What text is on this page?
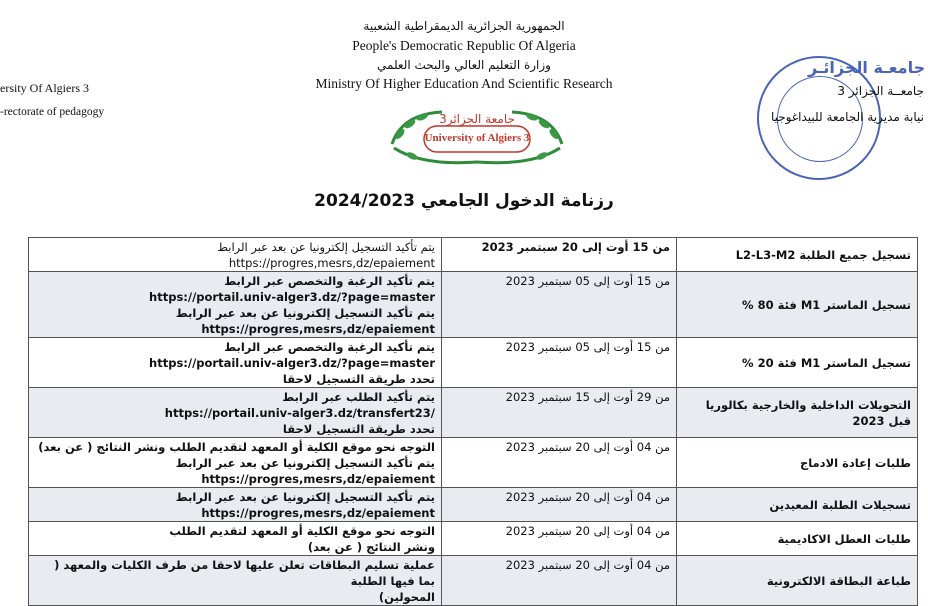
الجمهورية الجزائرية الديمقراطية الشعبية
People's Democratic Republic Of Algeria
وزارة التعليم العالي والبحث العلمي
Ministry Of Higher Education And Scientific Research
ersity Of Algiers 3
-rectorate of pedagogy
جامعـة الجزائـر
جامعــة الجزائر 3
نيابة مديرية الجامعة للبيداغوجيا
جامعة الجزائر3
University of Algiers 3
رزنامة الدخول الجامعي 2024/2023
تسجيل جميع الطلبة L2-L3-M2	من 15 أوت إلى 20 سبتمبر 2023	يتم تأكيد التسجيل إلكترونيا عن بعد عبر الرابط
https://progres,mesrs,dz/epaiement

تسجيل الماستر M1 فئة 80 %	من 15 أوت إلى 05 سبتمبر 2023	يتم تأكيد الرغبة والتخصص عبر الرابط
https://portail.univ-alger3.dz/?page=master
يتم تأكيد التسجيل إلكترونيا عن بعد عبر الرابط
https://progres,mesrs,dz/epaiement

تسجيل الماستر M1 فئة 20 %	من 15 أوت إلى 05 سبتمبر 2023	يتم تأكيد الرغبة والتخصص عبر الرابط
https://portail.univ-alger3.dz/?page=master
تحدد طريقة التسجيل لاحقا

التحويلات الداخلية والخارجية بكالوريا قبل 2023	من 29 أوت إلى 15 سبتمبر 2023	يتم تأكيد الطلب عبر الرابط
https://portail.univ-alger3.dz/transfert23/
تحدد طريقة التسجيل لاحقا

طلبات إعادة الادماج	من 04 أوت إلى 20 سبتمبر 2023	التوجه نحو موقع الكلية أو المعهد لتقديم الطلب ونشر النتائج ( عن بعد)
يتم تأكيد التسجيل إلكترونيا عن بعد عبر الرابط
https://progres,mesrs,dz/epaiement

تسجيلات الطلبة المعيدين	من 04 أوت إلى 20 سبتمبر 2023	يتم تأكيد التسجيل إلكترونيا عن بعد عبر الرابط
https://progres,mesrs,dz/epaiement

طلبات العطل الاكاديمية	من 04 أوت إلى 20 سبتمبر 2023	التوجه نحو موقع الكلية أو المعهد لتقديم الطلب
ونشر النتائج ( عن بعد)

طباعة البطاقة الالكترونية	من 04 أوت إلى 20 سبتمبر 2023	عملية تسليم البطاقات تعلن عليها لاحقا من طرف الكليات والمعهد ( بما فيها الطلبة
المحولين)
